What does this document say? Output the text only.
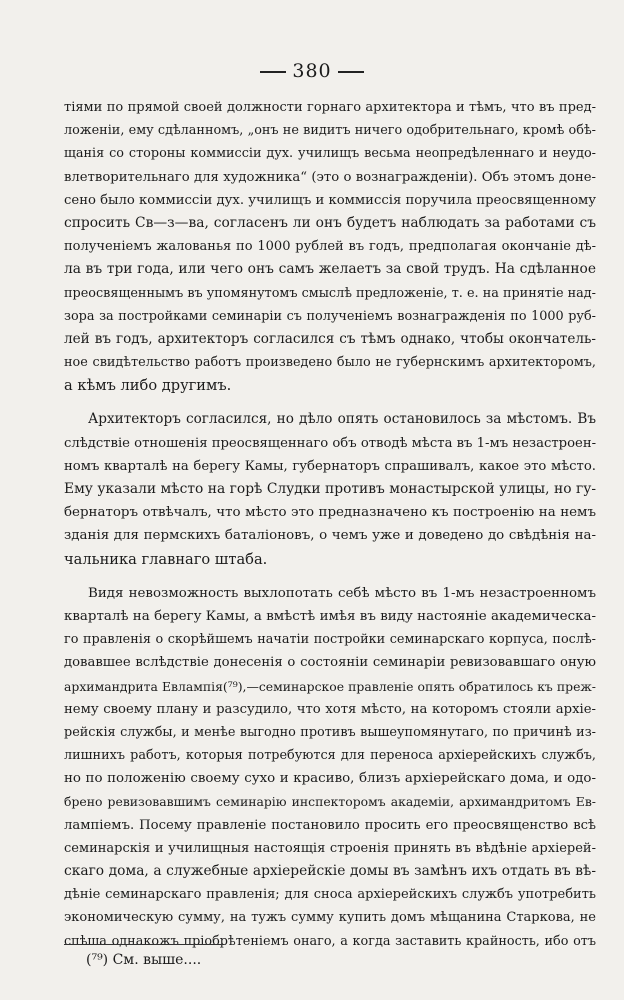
380
тіями по прямой своей должности горнаго архитектора и тѣмъ, что въ пред-
ложеніи, ему сдѣланномъ, „онъ не видитъ ничего одобрительнаго, кромѣ обѣ-
щанія со стороны коммиссіи дух. училищъ весьма неопредѣленнаго и неудо-
влетворительнаго для художника“ (это о вознагражденіи). Объ этомъ доне-
сено было коммиссіи дух. училищъ и коммиссія поручила преосвященному
спросить Св—з—ва, согласенъ ли онъ будетъ наблюдать за работами съ
полученіемъ жалованья по 1000 рублей въ годъ, предполагая окончаніе дѣ-
ла въ три года, или чего онъ самъ желаетъ за свой трудъ. На сдѣланное
преосвященнымъ въ упомянутомъ смыслѣ предложеніе, т. е. на принятіе над-
зора за постройками семинаріи съ полученіемъ вознагражденія по 1000 руб-
лей въ годъ, архитекторъ согласился съ тѣмъ однако, чтобы окончатель-
ное свидѣтельство работъ произведено было не губернскимъ архитекторомъ,
а кѣмъ либо другимъ.
Архитекторъ согласился, но дѣло опять остановилось за мѣстомъ. Въ
слѣдствіе отношенія преосвященнаго объ отводѣ мѣста въ 1-мъ незастроен-
номъ кварталѣ на берегу Камы, губернаторъ спрашивалъ, какое это мѣсто.
Ему указали мѣсто на горѣ Слудки противъ монастырской улицы, но гу-
бернаторъ отвѣчалъ, что мѣсто это предназначено къ построенію на немъ
зданія для пермскихъ баталіоновъ, о чемъ уже и доведено до свѣдѣнія на-
чальника главнаго штаба.
Видя невозможность выхлопотать себѣ мѣсто въ 1-мъ незастроенномъ
кварталѣ на берегу Камы, а вмѣстѣ имѣя въ виду настояніе академическа-
го правленія о скорѣйшемъ начатіи постройки семинарскаго корпуса, послѣ-
довавшее вслѣдствіе донесенія о состояніи семинаріи ревизовавшаго оную
архимандрита Евлампія(⁷⁹),—семинарское правленіе опять обратилось къ преж-
нему своему плану и разсудило, что хотя мѣсто, на которомъ стояли архіе-
рейскія службы, и менѣе выгодно противъ вышеупомянутаго, по причинѣ из-
лишнихъ работъ, которыя потребуются для переноса архіерейскихъ службъ,
но по положенію своему сухо и красиво, близъ архіерейскаго дома, и одо-
брено ревизовавшимъ семинарію инспекторомъ академіи, архимандритомъ Ев-
лампіемъ. Посему правленіе постановило просить его преосвященство всѣ
семинарскія и училищныя настоящія строенія принять въ вѣдѣніе архіерей-
скаго дома, а служебные архіерейскіе домы въ замѣнъ ихъ отдать въ вѣ-
дѣніе семинарскаго правленія; для сноса архіерейскихъ службъ употребить
экономическую сумму, на тужъ сумму купить домъ мѣщанина Старкова, не
спѣша однакожъ пріобрѣтеніемъ онаго, а когда заставить крайность, ибо отъ
(⁷⁹) См. выше....
